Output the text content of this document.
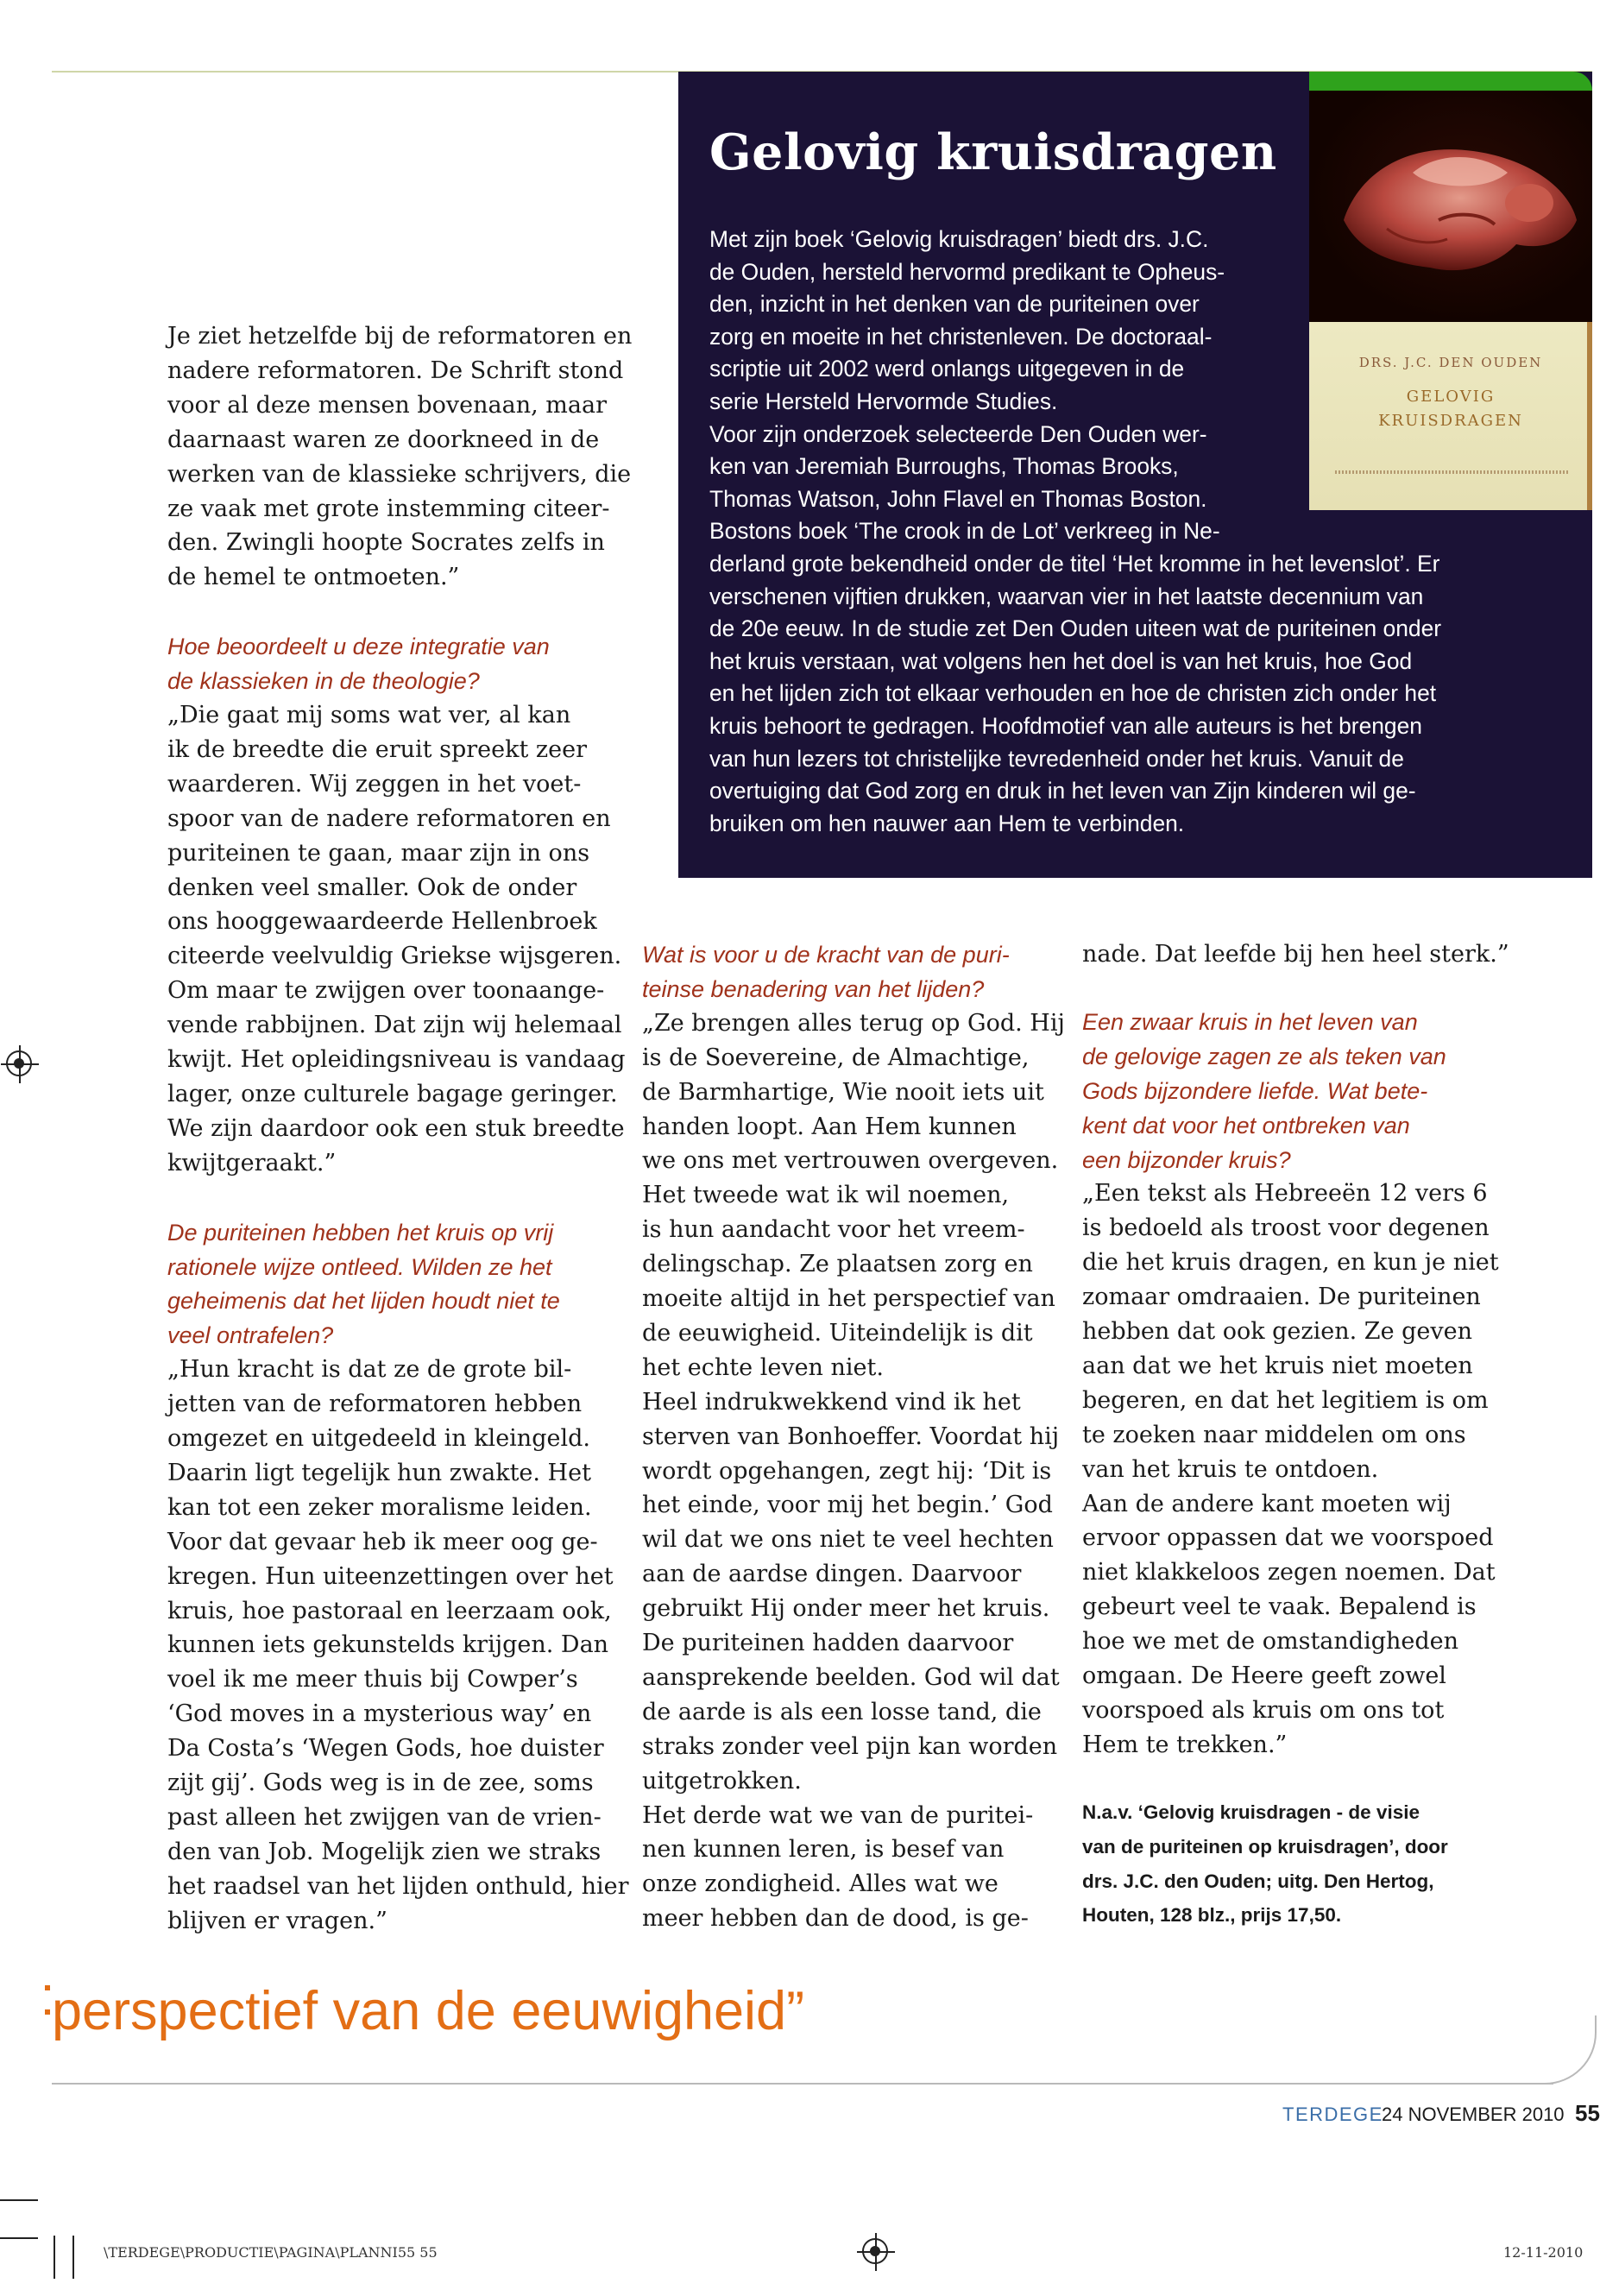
Gelovig kruisdragen
Met zijn boek ‘Gelovig kruisdragen’ biedt drs. J.C.
de Ouden, hersteld hervormd predikant te Opheus-
den, inzicht in het denken van de puriteinen over
zorg en moeite in het christenleven. De doctoraal-
scriptie uit 2002 werd onlangs uitgegeven in de
serie Hersteld Hervormde Studies.
Voor zijn onderzoek selecteerde Den Ouden wer-
ken van Jeremiah Burroughs, Thomas Brooks,
Thomas Watson, John Flavel en Thomas Boston.
Bostons boek ‘The crook in de Lot’ verkreeg in Ne-
derland grote bekendheid onder de titel ‘Het kromme in het levenslot’. Er
verschenen vijftien drukken, waarvan vier in het laatste decennium van
de 20e eeuw. In de studie zet Den Ouden uiteen wat de puriteinen onder
het kruis verstaan, wat volgens hen het doel is van het kruis, hoe God
en het lijden zich tot elkaar verhouden en hoe de christen zich onder het
kruis behoort te gedragen. Hoofdmotief van alle auteurs is het brengen
van hun lezers tot christelijke tevredenheid onder het kruis. Vanuit de
overtuiging dat God zorg en druk in het leven van Zijn kinderen wil ge-
bruiken om hen nauwer aan Hem te verbinden.
DRS. J.C. DEN OUDEN
GELOVIG
KRUISDRAGEN
Je ziet hetzelfde bij de reformatoren en
nadere reformatoren. De Schrift stond
voor al deze mensen bovenaan, maar
daarnaast waren ze doorkneed in de
werken van de klassieke schrijvers, die
ze vaak met grote instemming citeer-
den. Zwingli hoopte Socrates zelfs in
de hemel te ontmoeten.”
Hoe beoordeelt u deze integratie van
de klassieken in de theologie?
„Die gaat mij soms wat ver, al kan
ik de breedte die eruit spreekt zeer
waarderen. Wij zeggen in het voet-
spoor van de nadere reformatoren en
puriteinen te gaan, maar zijn in ons
denken veel smaller. Ook de onder
ons hooggewaardeerde Hellenbroek
citeerde veelvuldig Griekse wijsgeren.
Om maar te zwijgen over toonaange-
vende rabbijnen. Dat zijn wij helemaal
kwijt. Het opleidingsniveau is vandaag
lager, onze culturele bagage geringer.
We zijn daardoor ook een stuk breedte
kwijtgeraakt.”
De puriteinen hebben het kruis op vrij
rationele wijze ontleed. Wilden ze het
geheimenis dat het lijden houdt niet te
veel ontrafelen?
„Hun kracht is dat ze de grote bil-
jetten van de reformatoren hebben
omgezet en uitgedeeld in kleingeld.
Daarin ligt tegelijk hun zwakte. Het
kan tot een zeker moralisme leiden.
Voor dat gevaar heb ik meer oog ge-
kregen. Hun uiteenzettingen over het
kruis, hoe pastoraal en leerzaam ook,
kunnen iets gekunstelds krijgen. Dan
voel ik me meer thuis bij Cowper’s
‘God moves in a mysterious way’ en
Da Costa’s ‘Wegen Gods, hoe duister
zijt gij’. Gods weg is in de zee, soms
past alleen het zwijgen van de vrien-
den van Job. Mogelijk zien we straks
het raadsel van het lijden onthuld, hier
blijven er vragen.”
Wat is voor u de kracht van de puri-
teinse benadering van het lijden?
„Ze brengen alles terug op God. Hij
is de Soevereine, de Almachtige,
de Barmhartige, Wie nooit iets uit
handen loopt. Aan Hem kunnen
we ons met vertrouwen overgeven.
Het tweede wat ik wil noemen,
is hun aandacht voor het vreem-
delingschap. Ze plaatsen zorg en
moeite altijd in het perspectief van
de eeuwigheid. Uiteindelijk is dit
het echte leven niet.
Heel indrukwekkend vind ik het
sterven van Bonhoeffer. Voordat hij
wordt opgehangen, zegt hij: ‘Dit is
het einde, voor mij het begin.’ God
wil dat we ons niet te veel hechten
aan de aardse dingen. Daarvoor
gebruikt Hij onder meer het kruis.
De puriteinen hadden daarvoor
aansprekende beelden. God wil dat
de aarde is als een losse tand, die
straks zonder veel pijn kan worden
uitgetrokken.
Het derde wat we van de puritei-
nen kunnen leren, is besef van
onze zondigheid. Alles wat we
meer hebben dan de dood, is ge-
nade. Dat leefde bij hen heel sterk.”
Een zwaar kruis in het leven van
de gelovige zagen ze als teken van
Gods bijzondere liefde. Wat bete-
kent dat voor het ontbreken van
een bijzonder kruis?
„Een tekst als Hebreeën 12 vers 6
is bedoeld als troost voor degenen
die het kruis dragen, en kun je niet
zomaar omdraaien. De puriteinen
hebben dat ook gezien. Ze geven
aan dat we het kruis niet moeten
begeren, en dat het legitiem is om
te zoeken naar middelen om ons
van het kruis te ontdoen.
Aan de andere kant moeten wij
ervoor oppassen dat we voorspoed
niet klakkeloos zegen noemen. Dat
gebeurt veel te vaak. Bepalend is
hoe we met de omstandigheden
omgaan. De Heere geeft zowel
voorspoed als kruis om ons tot
Hem te trekken.”
N.a.v. ‘Gelovig kruisdragen - de visie
van de puriteinen op kruisdragen’, door
drs. J.C. den Ouden; uitg. Den Hertog,
Houten, 128 blz., prijs 17,50.
perspectief van de eeuwigheid”
TERDEGE
24 NOVEMBER 2010 55
\TERDEGE\PRODUCTIE\PAGINA\PLANNI55 55	12-11-2010
